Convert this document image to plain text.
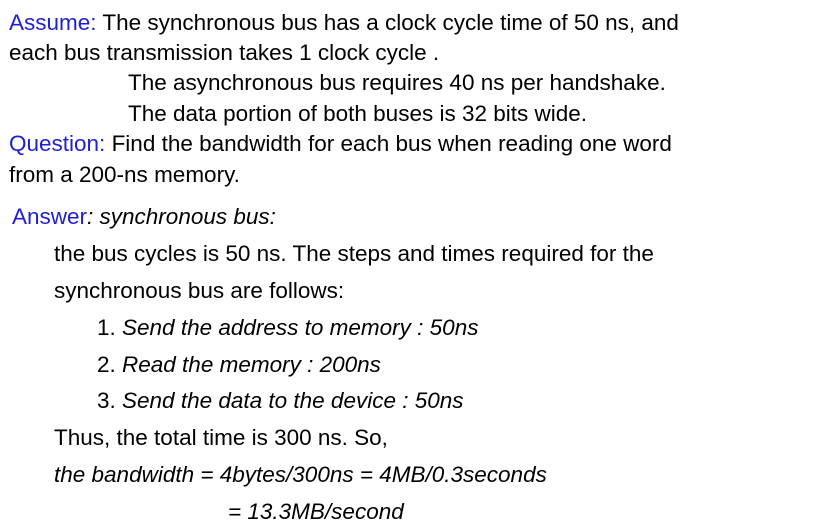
Assume: The synchronous bus has a clock cycle time of 50 ns, and
each bus transmission takes 1 clock cycle .
The asynchronous bus requires 40 ns per handshake.
The data portion of both buses is 32 bits wide.
Question: Find the bandwidth for each bus when reading one word
from a 200-ns memory.
Answer: synchronous bus:
the bus cycles is 50 ns. The steps and times required for the
synchronous bus are follows:
1. Send the address to memory : 50ns
2. Read the memory : 200ns
3. Send the data to the device : 50ns
Thus, the total time is 300 ns. So,
the bandwidth = 4bytes/300ns = 4MB/0.3seconds
= 13.3MB/second
